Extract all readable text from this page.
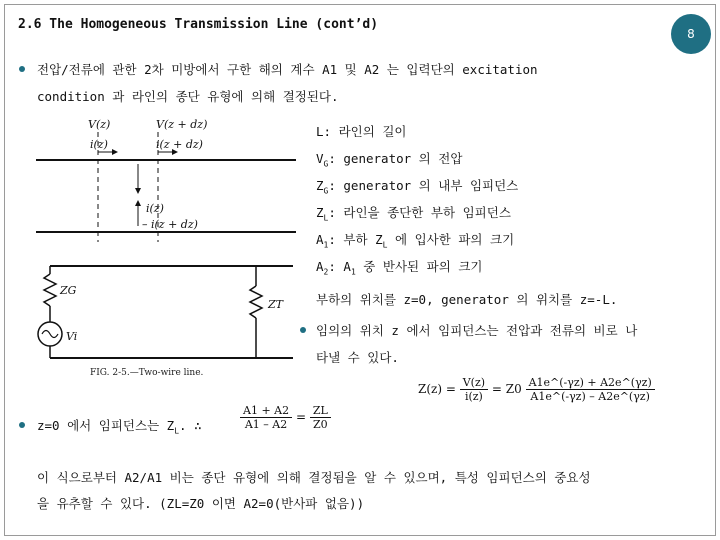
2.6 The Homogeneous Transmission Line (cont’d)
8
전압/전류에 관한 2차 미방에서 구한 해의 계수 A1 및 A2 는 입력단의 excitation
condition 과 라인의 종단 유형에 의해 결정된다.
V(z)
i(z)
V(z + dz)
i(z + dz)
i(z)
– i(z + dz)
ZG
ZT
Vi
FIG. 2-5.—Two-wire line.
L: 라인의 길이
$V_G$: generator 의 전압
$Z_G$: generator 의 내부 임피던스
$Z_L$: 라인을 종단한 부하 임피던스
$A_1$: 부하 $Z_L$ 에 입사한 파의 크기
$A_2$: $A_1$ 중 반사된 파의 크기
부하의 위치를 z=0, generator 의 위치를 z=-L.
임의의 위치 z 에서 임피던스는 전압과 전류의 비로 나
타낼 수 있다.
$Z(z) = \frac{V(z)}{i(z)} = Z0 \frac{A1e\^{}(-\gamma z) + A2e\^{}(\gamma z)}{A1e\^{}(-\gamma z) - A2e\^{}(\gamma z)}$
z=0 에서 임피던스는 $Z_L$. ∴	$\frac{A1 + A2}{A1 - A2} = \frac{ZL}{Z0}$
이 식으로부터 A2/A1 비는 종단 유형에 의해 결정됨을 알 수 있으며, 특성 임피던스의 중요성
을 유추할 수 있다. (ZL=Z0 이면 A2=0(반사파 없음))
